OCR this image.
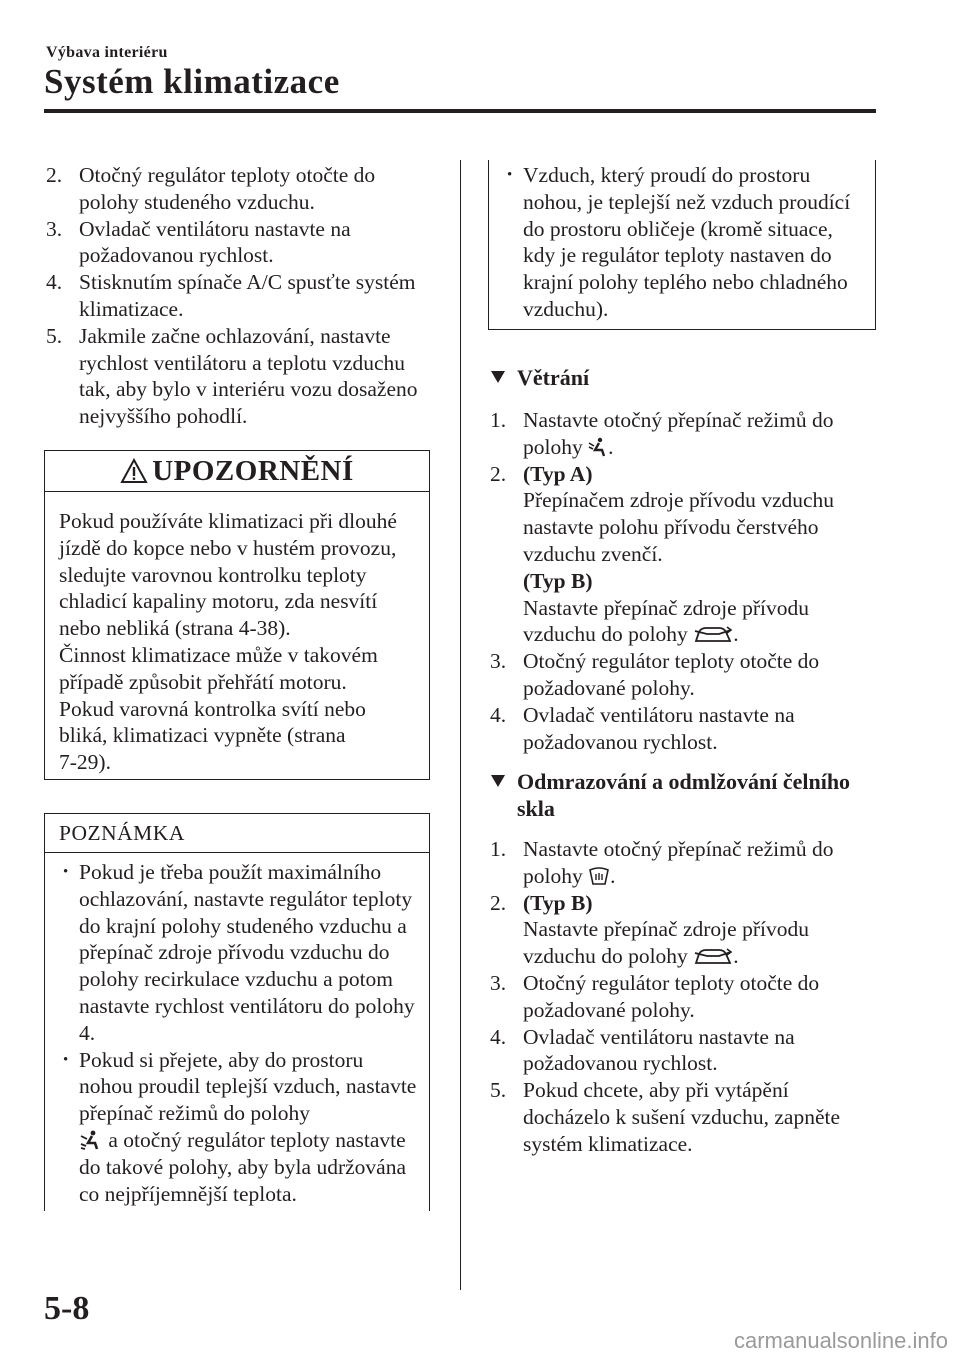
Výbava interiéru
Systém klimatizace
2. Otočný regulátor teploty otočte do polohy studeného vzduchu.
3. Ovladač ventilátoru nastavte na požadovanou rychlost.
4. Stisknutím spínače A/C spusťte systém klimatizace.
5. Jakmile začne ochlazování, nastavte rychlost ventilátoru a teplotu vzduchu tak, aby bylo v interiéru vozu dosaženo nejvyššího pohodlí.
UPOZORNĚNÍ
Pokud používáte klimatizaci při dlouhé
jízdě do kopce nebo v hustém provozu,
sledujte varovnou kontrolku teploty
chladicí kapaliny motoru, zda nesvítí
nebo nebliká (strana 4-38).
Činnost klimatizace může v takovém
případě způsobit přehřátí motoru.
Pokud varovná kontrolka svítí nebo
bliká, klimatizaci vypněte (strana
7-29).
POZNÁMKA
• Pokud je třeba použít maximálního ochlazování, nastavte regulátor teploty do krajní polohy studeného vzduchu a přepínač zdroje přívodu vzduchu do polohy recirkulace vzduchu a potom nastavte rychlost ventilátoru do polohy 4.
• Pokud si přejete, aby do prostoru nohou proudil teplejší vzduch, nastavte přepínač režimů do polohy
a otočný regulátor teploty nastavte do takové polohy, aby byla udržována co nejpříjemnější teplota.
• Vzduch, který proudí do prostoru nohou, je teplejší než vzduch proudící do prostoru obličeje (kromě situace, kdy je regulátor teploty nastaven do krajní polohy teplého nebo chladného vzduchu).
Větrání
1. Nastavte otočný přepínač režimů do polohy .
2. (Typ A)
Přepínačem zdroje přívodu vzduchu nastavte polohu přívodu čerstvého vzduchu zvenčí.
(Typ B)
Nastavte přepínač zdroje přívodu vzduchu do polohy .
3. Otočný regulátor teploty otočte do požadované polohy.
4. Ovladač ventilátoru nastavte na požadovanou rychlost.
Odmrazování a odmlžování čelního skla
1. Nastavte otočný přepínač režimů do polohy .
2. (Typ B)
Nastavte přepínač zdroje přívodu vzduchu do polohy .
3. Otočný regulátor teploty otočte do požadované polohy.
4. Ovladač ventilátoru nastavte na požadovanou rychlost.
5. Pokud chcete, aby při vytápění docházelo k sušení vzduchu, zapněte systém klimatizace.
5-8
carmanualsonline.info
